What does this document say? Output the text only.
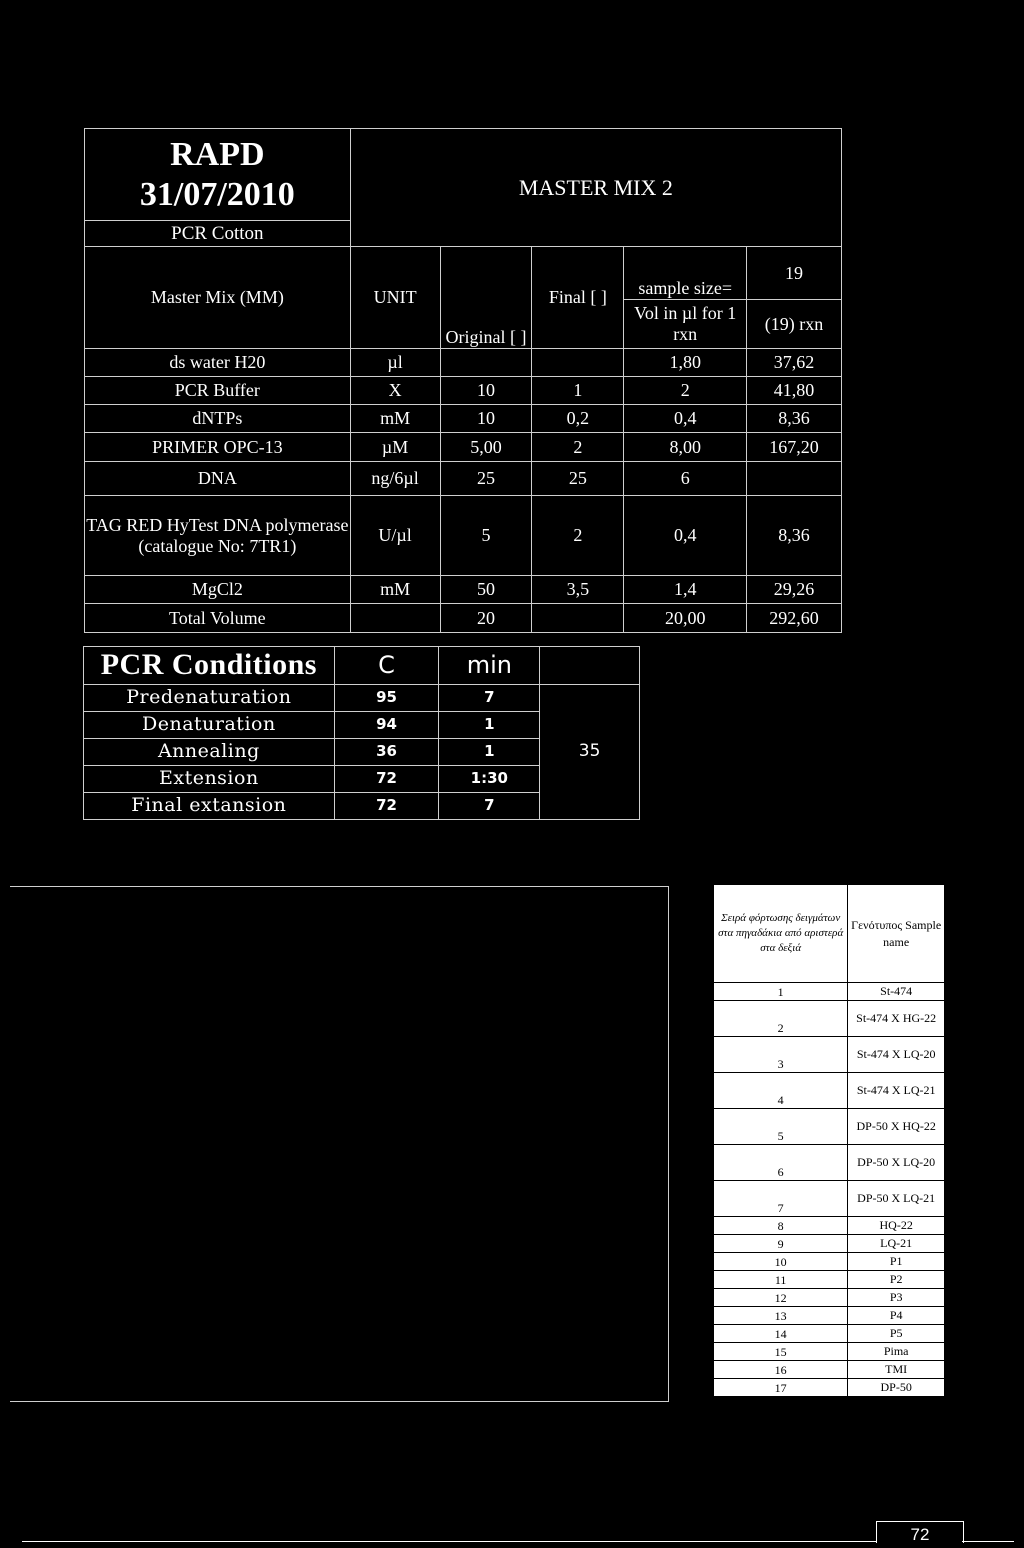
RAPD
31/07/2010	MASTER MIX 2				
PCR Cotton					
Master Mix (MM)	UNIT	Original [ ]	Final [ ]	sample size=	19
				Vol in µl for 1 rxn	(19) rxn
ds water H20	µl			1,80	37,62
PCR Buffer	X	10	1	2	41,80
dNTPs	mM	10	0,2	0,4	8,36
PRIMER OPC-13	µM	5,00	2	8,00	167,20
DNA	ng/6µl	25	25	6	
TAG RED HyTest DNA polymerase (catalogue No: 7TR1)	U/µl	5	2	0,4	8,36
MgCl2	mM	50	3,5	1,4	29,26
Total Volume		20		20,00	292,60
PCR Conditions	C	min	
Predenaturation	95	7	35
Denaturation	94	1	
Annealing	36	1	
Extension	72	1:30	
Final extansion	72	7	
Σειρά φόρτωσης δειγμάτων στα πηγαδάκια από αριστερά στα δεξιά	Γενότυπος Sample name
1	St-474
2	St-474 X HG-22
3	St-474 X LQ-20
4	St-474 X LQ-21
5	DP-50 X HQ-22
6	DP-50 X LQ-20
7	DP-50 X LQ-21
8	HQ-22
9	LQ-21
10	P1
11	P2
12	P3
13	P4
14	P5
15	Pima
16	TMI
17	DP-50
72
